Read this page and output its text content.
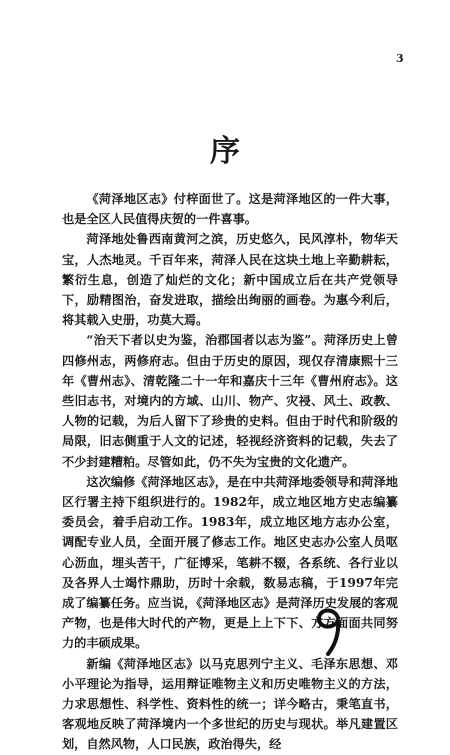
3
序

《菏泽地区志》付梓面世了。这是菏泽地区的一件大事，也是全区人民值得庆贺的一件喜事。

菏泽地处鲁西南黄河之滨，历史悠久，民风淳朴，物华天宝，人杰地灵。千百年来，菏泽人民在这块土地上辛勤耕耘，繁衍生息，创造了灿烂的文化；新中国成立后在共产党领导下，励精图治，奋发进取，描绘出绚丽的画卷。为惠今利后，将其载入史册，功莫大焉。

“治天下者以史为鉴，治郡国者以志为鉴”。菏泽历史上曾四修州志，两修府志。但由于历史的原因，现仅存清康熙十三年《曹州志》、清乾隆二十一年和嘉庆十三年《曹州府志》。这些旧志书，对境内的方域、山川、物产、灾祲、风土、政教、人物的记载，为后人留下了珍贵的史料。但由于时代和阶级的局限，旧志侧重于人文的记述，轻视经济资料的记载，失去了不少封建糟粕。尽管如此，仍不失为宝贵的文化遗产。

这次编修《菏泽地区志》，是在中共菏泽地委领导和菏泽地区行署主持下组织进行的。1982年，成立地区地方史志编纂委员会，着手启动工作。1983年，成立地区地方志办公室，调配专业人员，全面开展了修志工作。地区史志办公室人员呕心沥血，埋头苦干，广征博采，笔耕不辍，各系统、各行业以及各界人士竭忭鼎助，历时十余载，数易志稿，于1997年完成了编纂任务。应当说，《菏泽地区志》是菏泽历史发展的客观产物，也是伟大时代的产物，更是上上下下、方方面面共同努力的丰硕成果。

新编《菏泽地区志》以马克思列宁主义、毛泽东思想、邓小平理论为指导，运用辩证唯物主义和历史唯物主义的方法，力求思想性、科学性、资料性的统一；详今略古，秉笔直书，客观地反映了菏泽境内一个多世纪的历史与现状。举凡建置区划，自然风物，人口民族，政治得失，经
